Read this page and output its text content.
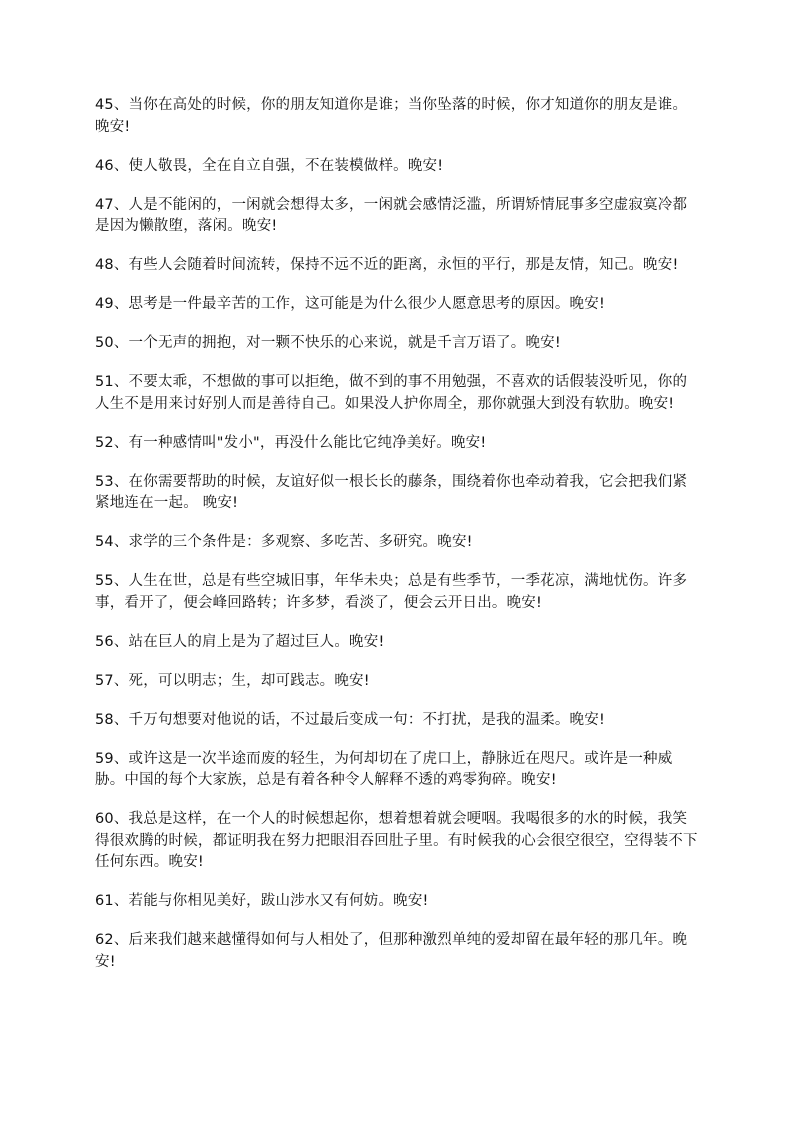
45、当你在高处的时候，你的朋友知道你是谁；当你坠落的时候，你才知道你的朋友是谁。晚安!

46、使人敬畏，全在自立自强，不在装模做样。晚安!

47、人是不能闲的，一闲就会想得太多，一闲就会感情泛滥，所谓矫情屁事多空虚寂寞冷都是因为懒散堕，落闲。晚安!

48、有些人会随着时间流转，保持不远不近的距离，永恒的平行，那是友情，知己。晚安!

49、思考是一件最辛苦的工作，这可能是为什么很少人愿意思考的原因。晚安!

50、一个无声的拥抱，对一颗不快乐的心来说，就是千言万语了。晚安!

51、不要太乖，不想做的事可以拒绝，做不到的事不用勉强，不喜欢的话假装没听见，你的人生不是用来讨好别人而是善待自己。如果没人护你周全，那你就强大到没有软肋。晚安!

52、有一种感情叫"发小"，再没什么能比它纯净美好。晚安!

53、在你需要帮助的时候，友谊好似一根长长的藤条，围绕着你也牵动着我，它会把我们紧紧地连在一起。 晚安!

54、求学的三个条件是：多观察、多吃苦、多研究。晚安!

55、人生在世，总是有些空城旧事，年华未央；总是有些季节，一季花凉，满地忧伤。许多事，看开了，便会峰回路转；许多梦，看淡了，便会云开日出。晚安!

56、站在巨人的肩上是为了超过巨人。晚安!

57、死，可以明志；生，却可践志。晚安!

58、千万句想要对他说的话，不过最后变成一句：不打扰，是我的温柔。晚安!

59、或许这是一次半途而废的轻生，为何却切在了虎口上，静脉近在咫尺。或许是一种威胁。中国的每个大家族，总是有着各种令人解释不透的鸡零狗碎。晚安!

60、我总是这样，在一个人的时候想起你，想着想着就会哽咽。我喝很多的水的时候，我笑得很欢腾的时候，都证明我在努力把眼泪吞回肚子里。有时候我的心会很空很空，空得装不下任何东西。晚安!

61、若能与你相见美好，跋山涉水又有何妨。晚安!

62、后来我们越来越懂得如何与人相处了，但那种激烈单纯的爱却留在最年轻的那几年。晚安!
